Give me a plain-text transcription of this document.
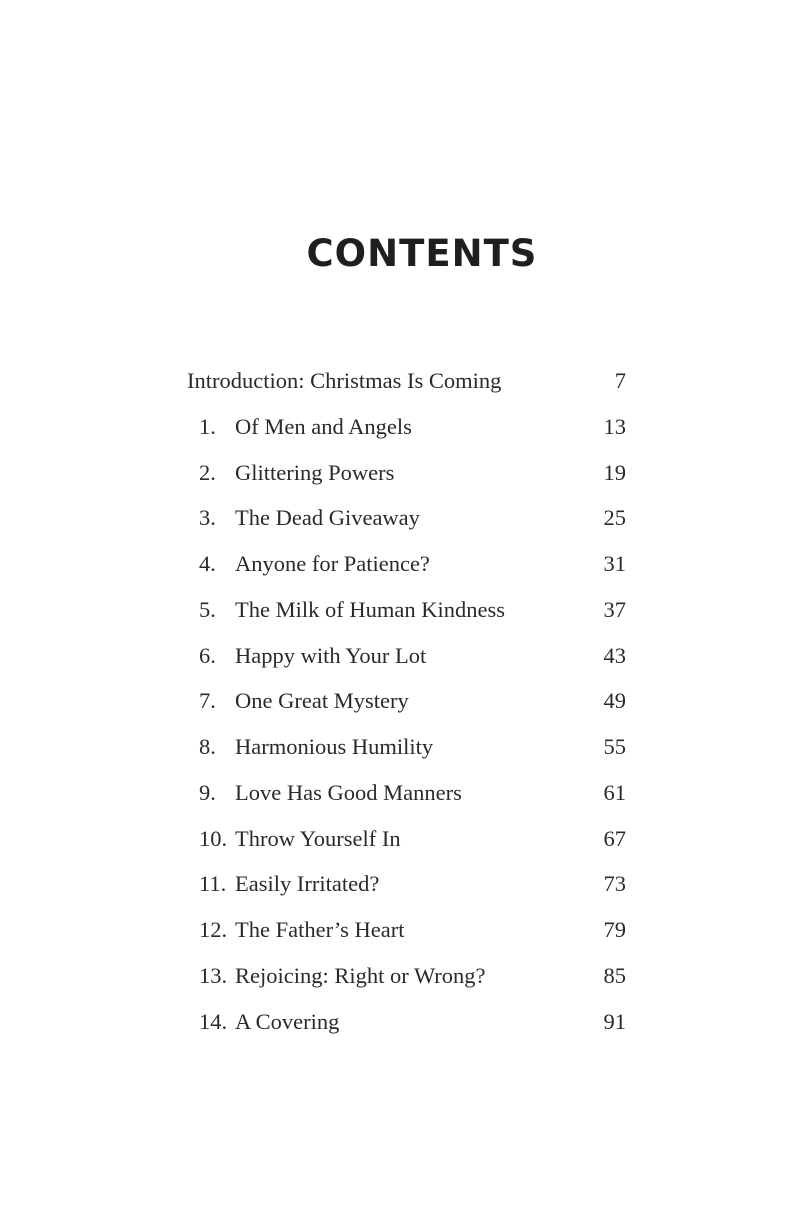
CONTENTS
Introduction: Christmas Is Coming	7
1. Of Men and Angels	13
2. Glittering Powers	19
3. The Dead Giveaway	25
4. Anyone for Patience?	31
5. The Milk of Human Kindness	37
6. Happy with Your Lot	43
7. One Great Mystery	49
8. Harmonious Humility	55
9. Love Has Good Manners	61
10. Throw Yourself In	67
11. Easily Irritated?	73
12. The Father’s Heart	79
13. Rejoicing: Right or Wrong?	85
14. A Covering	91
